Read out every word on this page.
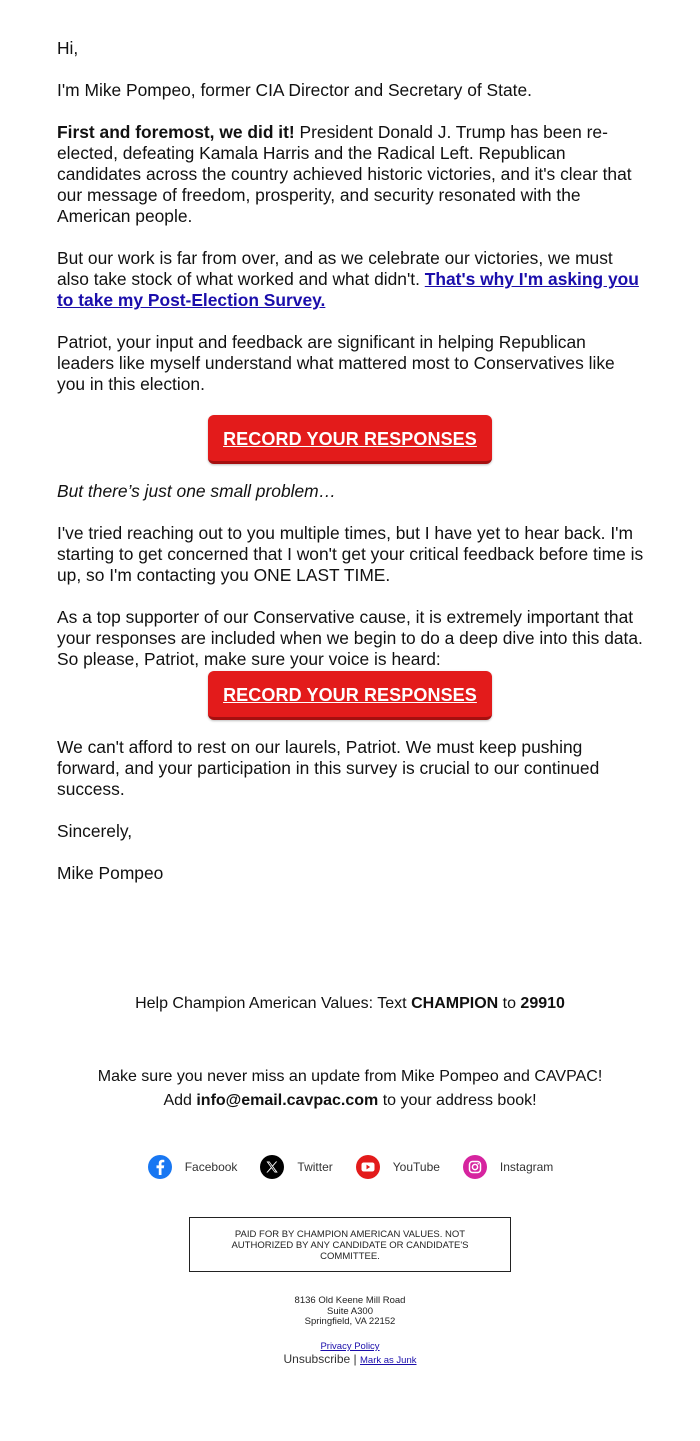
Hi,

I'm Mike Pompeo, former CIA Director and Secretary of State.

First and foremost, we did it! President Donald J. Trump has been re-elected, defeating Kamala Harris and the Radical Left. Republican candidates across the country achieved historic victories, and it's clear that our message of freedom, prosperity, and security resonated with the American people.

But our work is far from over, and as we celebrate our victories, we must also take stock of what worked and what didn't. That's why I'm asking you to take my Post-Election Survey.

Patriot, your input and feedback are significant in helping Republican leaders like myself understand what mattered most to Conservatives like you in this election.

RECORD YOUR RESPONSES

But there’s just one small problem…

I've tried reaching out to you multiple times, but I have yet to hear back. I'm starting to get concerned that I won't get your critical feedback before time is up, so I'm contacting you ONE LAST TIME.

As a top supporter of our Conservative cause, it is extremely important that your responses are included when we begin to do a deep dive into this data. So please, Patriot, make sure your voice is heard:

RECORD YOUR RESPONSES

We can't afford to rest on our laurels, Patriot. We must keep pushing forward, and your participation in this survey is crucial to our continued success.

Sincerely,

Mike Pompeo

Help Champion American Values: Text CHAMPION to 29910
Make sure you never miss an update from Mike Pompeo and CAVPAC!
Add info@email.cavpac.com to your address book!
Facebook	Twitter	YouTube	Instagram
PAID FOR BY CHAMPION AMERICAN VALUES. NOT AUTHORIZED BY ANY CANDIDATE OR CANDIDATE'S COMMITTEE.
8136 Old Keene Mill Road
Suite A300
Springfield, VA 22152
Privacy Policy
Unsubscribe | Mark as Junk
